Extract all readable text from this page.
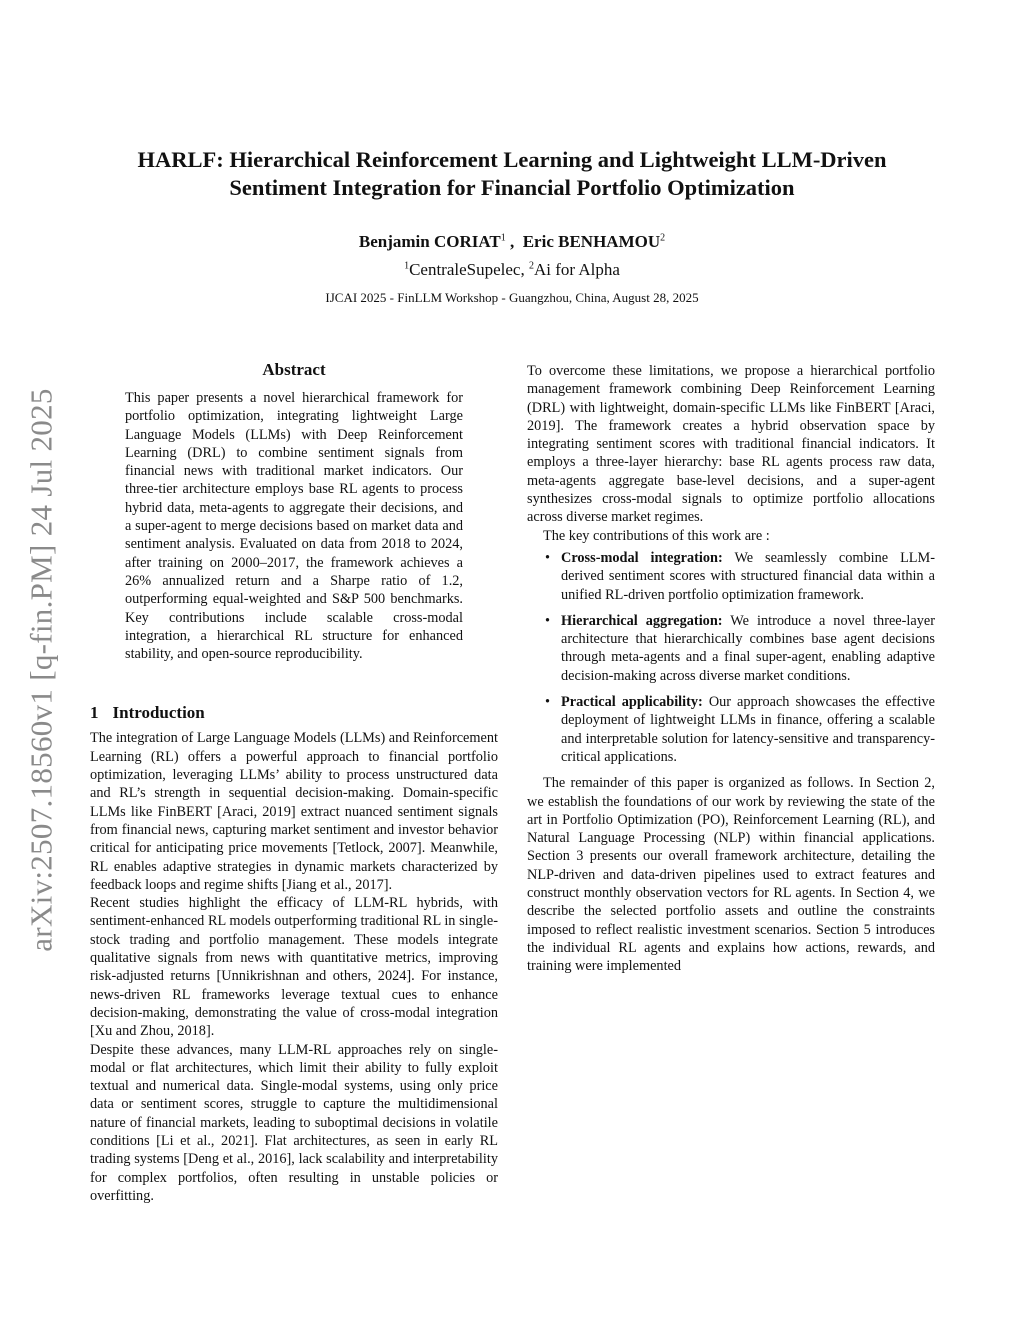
arXiv:2507.18560v1 [q-fin.PM] 24 Jul 2025
HARLF: Hierarchical Reinforcement Learning and Lightweight LLM-Driven
Sentiment Integration for Financial Portfolio Optimization
Benjamin CORIAT$^1$ ,  Eric BENHAMOU$^2$
$^1$CentraleSupelec, $^2$Ai for Alpha
IJCAI 2025 - FinLLM Workshop - Guangzhou, China, August 28, 2025
Abstract

This paper presents a novel hierarchical framework for portfolio optimization, integrating lightweight Large Language Models (LLMs) with Deep Reinforcement Learning (DRL) to combine sentiment signals from financial news with traditional market indicators. Our three-tier architecture employs base RL agents to process hybrid data, meta-agents to aggregate their decisions, and a super-agent to merge decisions based on market data and sentiment analysis. Evaluated on data from 2018 to 2024, after training on 2000–2017, the framework achieves a 26% annualized return and a Sharpe ratio of 1.2, outperforming equal-weighted and S&P 500 benchmarks. Key contributions include scalable cross-modal integration, a hierarchical RL structure for enhanced stability, and open-source reproducibility.

1 Introduction

The integration of Large Language Models (LLMs) and Reinforcement Learning (RL) offers a powerful approach to financial portfolio optimization, leveraging LLMs’ ability to process unstructured data and RL’s strength in sequential decision-making. Domain-specific LLMs like FinBERT [Araci, 2019] extract nuanced sentiment signals from financial news, capturing market sentiment and investor behavior critical for anticipating price movements [Tetlock, 2007]. Meanwhile, RL enables adaptive strategies in dynamic markets characterized by feedback loops and regime shifts [Jiang et al., 2017].

Recent studies highlight the efficacy of LLM-RL hybrids, with sentiment-enhanced RL models outperforming traditional RL in single-stock trading and portfolio management. These models integrate qualitative signals from news with quantitative metrics, improving risk-adjusted returns [Unnikrishnan and others, 2024]. For instance, news-driven RL frameworks leverage textual cues to enhance decision-making, demonstrating the value of cross-modal integration [Xu and Zhou, 2018].

Despite these advances, many LLM-RL approaches rely on single-modal or flat architectures, which limit their ability to fully exploit textual and numerical data. Single-modal systems, using only price data or sentiment scores, struggle to capture the multidimensional nature of financial markets, leading to suboptimal decisions in volatile conditions [Li et al., 2021]. Flat architectures, as seen in early RL trading systems [Deng et al., 2016], lack scalability and interpretability for complex portfolios, often resulting in unstable policies or overfitting.

To overcome these limitations, we propose a hierarchical portfolio management framework combining Deep Reinforcement Learning (DRL) with lightweight, domain-specific LLMs like FinBERT [Araci, 2019]. The framework creates a hybrid observation space by integrating sentiment scores with traditional financial indicators. It employs a three-layer hierarchy: base RL agents process raw data, meta-agents aggregate base-level decisions, and a super-agent synthesizes cross-modal signals to optimize portfolio allocations across diverse market regimes.

The key contributions of this work are :

• Cross-modal integration: We seamlessly combine LLM-derived sentiment scores with structured financial data within a unified RL-driven portfolio optimization framework.
• Hierarchical aggregation: We introduce a novel three-layer architecture that hierarchically combines base agent decisions through meta-agents and a final super-agent, enabling adaptive decision-making across diverse market conditions.
• Practical applicability: Our approach showcases the effective deployment of lightweight LLMs in finance, offering a scalable and interpretable solution for latency-sensitive and transparency-critical applications.

The remainder of this paper is organized as follows. In Section 2, we establish the foundations of our work by reviewing the state of the art in Portfolio Optimization (PO), Reinforcement Learning (RL), and Natural Language Processing (NLP) within financial applications. Section 3 presents our overall framework architecture, detailing the NLP-driven and data-driven pipelines used to extract features and construct monthly observation vectors for RL agents. In Section 4, we describe the selected portfolio assets and outline the constraints imposed to reflect realistic investment scenarios. Section 5 introduces the individual RL agents and explains how actions, rewards, and training were implemented
